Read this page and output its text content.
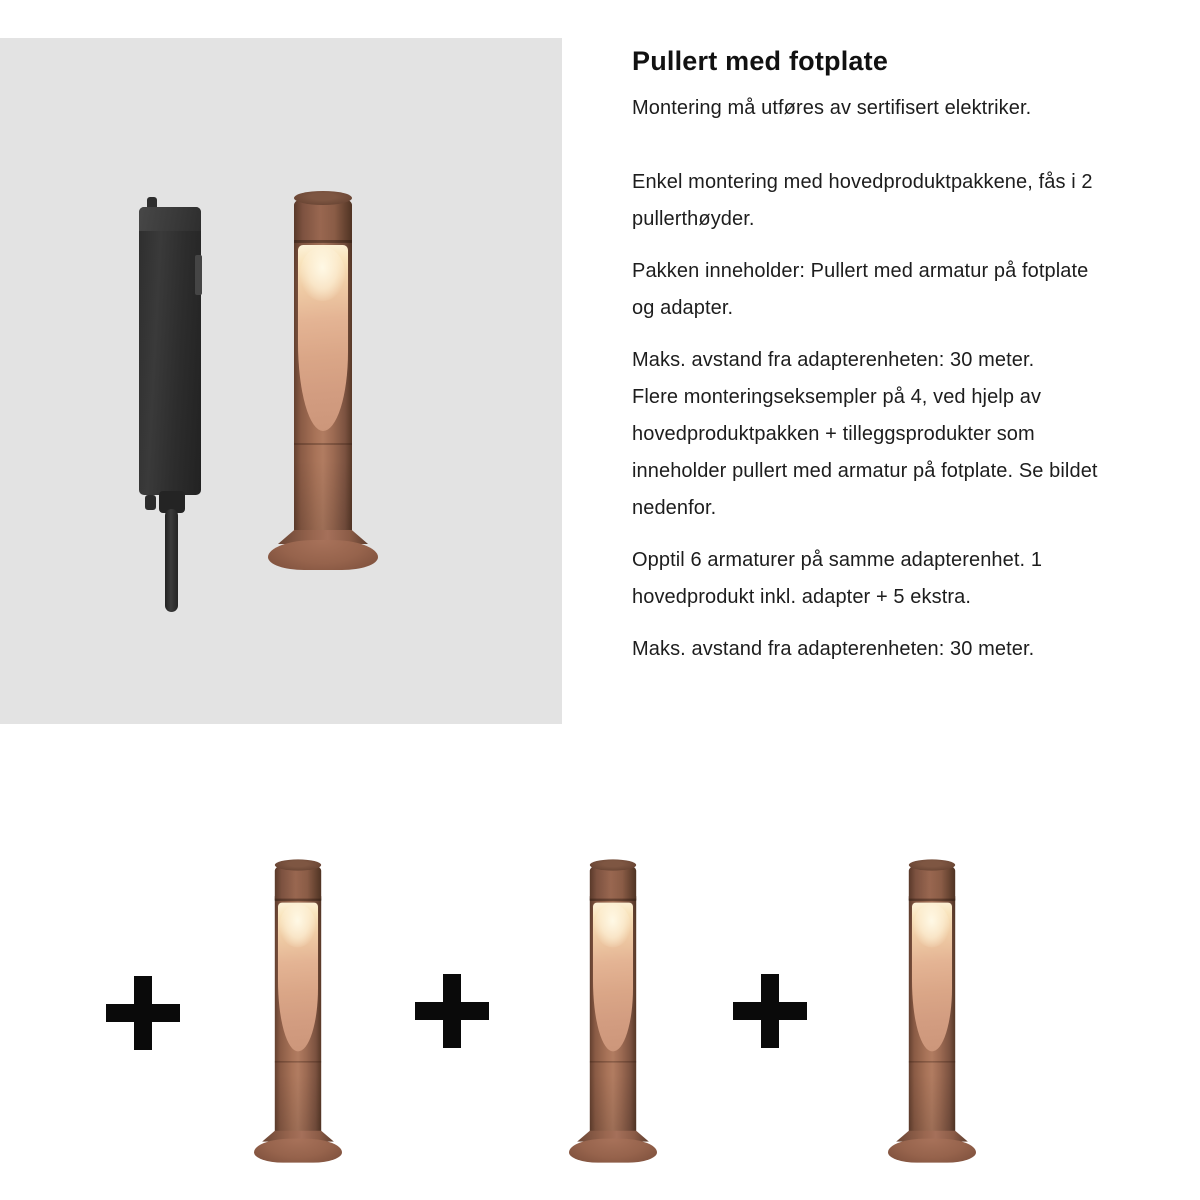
Pullert med fotplate

Montering må utføres av sertifisert elektriker.

Enkel montering med hovedproduktpakkene, fås i 2
pullerthøyder.

Pakken inneholder: Pullert med armatur på fotplate
og adapter.

Maks. avstand fra adapterenheten: 30 meter.
Flere monteringseksempler på 4, ved hjelp av
hovedproduktpakken + tilleggsprodukter som
inneholder pullert med armatur på fotplate. Se bildet
nedenfor.

Opptil 6 armaturer på samme adapterenhet. 1
hovedprodukt inkl. adapter + 5 ekstra.

Maks. avstand fra adapterenheten: 30 meter.
